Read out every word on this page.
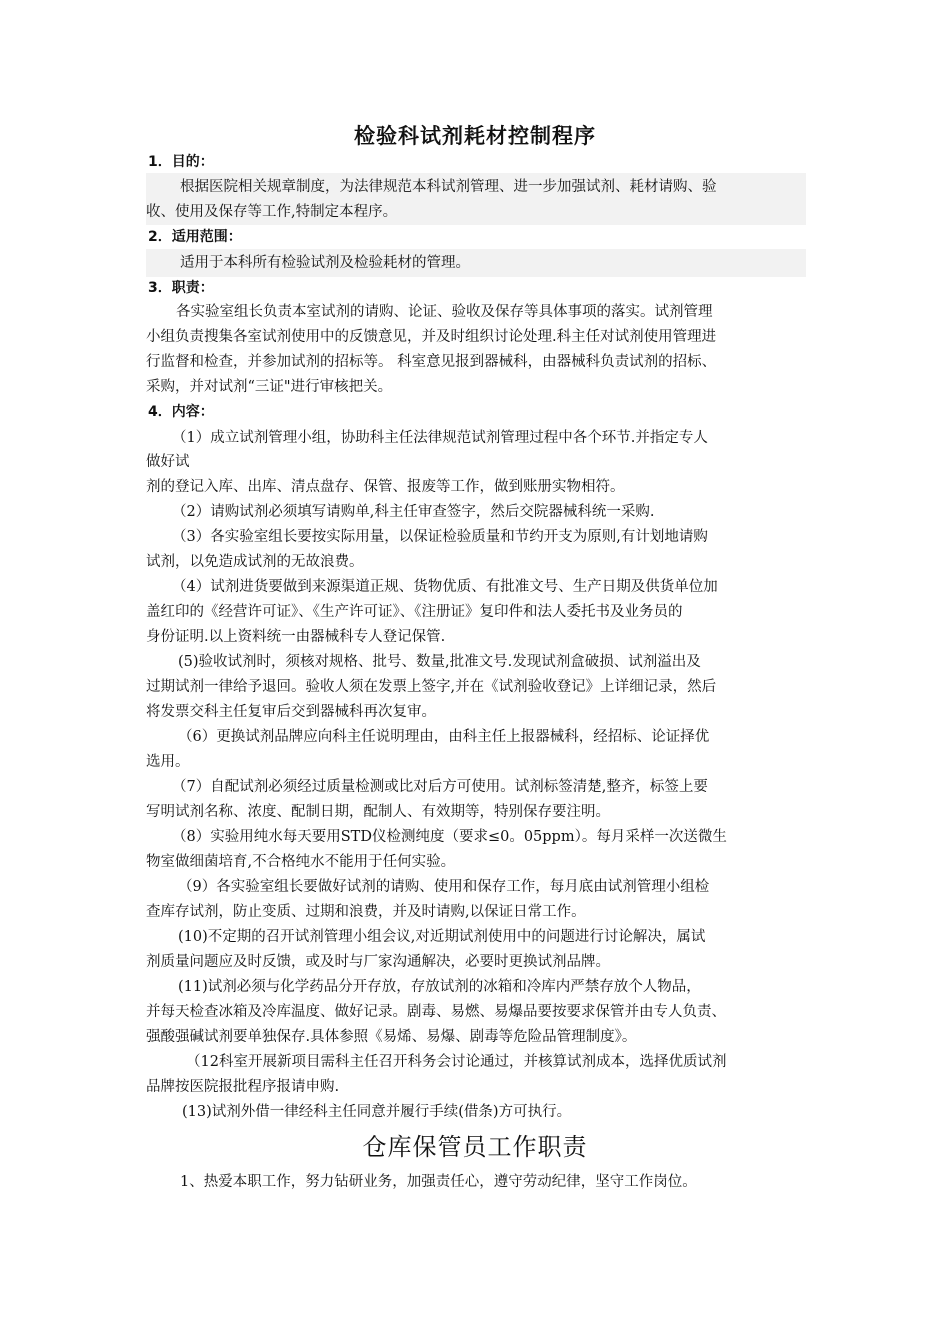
检验科试剂耗材控制程序
1．目的：
根据医院相关规章制度，为法律规范本科试剂管理、进一步加强试剂、耗材请购、验
收、使用及保存等工作,特制定本程序。
2．适用范围：
适用于本科所有检验试剂及检验耗材的管理。
3．职责：
各实验室组长负责本室试剂的请购、论证、验收及保存等具体事项的落实。试剂管理
小组负责搜集各室试剂使用中的反馈意见，并及时组织讨论处理.科主任对试剂使用管理进
行监督和检查，并参加试剂的招标等。 科室意见报到器械科，由器械科负责试剂的招标、
采购，并对试剂“三证"进行审核把关。
4．内容：
（1）成立试剂管理小组，协助科主任法律规范试剂管理过程中各个环节.并指定专人
做好试
剂的登记入库、出库、清点盘存、保管、报废等工作，做到账册实物相符。
（2）请购试剂必须填写请购单,科主任审查签字，然后交院器械科统一采购.
（3）各实验室组长要按实际用量，以保证检验质量和节约开支为原则,有计划地请购
试剂，以免造成试剂的无故浪费。
（4）试剂进货要做到来源渠道正规、货物优质、有批准文号、生产日期及供货单位加
盖红印的《经营许可证》、《生产许可证》、《注册证》复印件和法人委托书及业务员的
身份证明.以上资料统一由器械科专人登记保管.
(5)验收试剂时，须核对规格、批号、数量,批准文号.发现试剂盒破损、试剂溢出及
过期试剂一律给予退回。验收人须在发票上签字,并在《试剂验收登记》上详细记录，然后
将发票交科主任复审后交到器械科再次复审。
（6）更换试剂品牌应向科主任说明理由，由科主任上报器械科，经招标、论证择优
选用。
（7）自配试剂必须经过质量检测或比对后方可使用。试剂标签清楚,整齐，标签上要
写明试剂名称、浓度、配制日期，配制人、有效期等，特别保存要注明。
（8）实验用纯水每天要用STD仪检测纯度（要求≤0。05ppm）。每月采样一次送微生
物室做细菌培育,不合格纯水不能用于任何实验。
（9）各实验室组长要做好试剂的请购、使用和保存工作，每月底由试剂管理小组检
查库存试剂，防止变质、过期和浪费，并及时请购,以保证日常工作。
(10)不定期的召开试剂管理小组会议,对近期试剂使用中的问题进行讨论解决，属试
剂质量问题应及时反馈，或及时与厂家沟通解决，必要时更换试剂品牌。
(11)试剂必须与化学药品分开存放，存放试剂的冰箱和冷库内严禁存放个人物品，
并每天检查冰箱及冷库温度、做好记录。剧毒、易燃、易爆品要按要求保管并由专人负责、
强酸强碱试剂要单独保存.具体参照《易烯、易爆、剧毒等危险品管理制度》。
（12科室开展新项目需科主任召开科务会讨论通过，并核算试剂成本，选择优质试剂
品牌按医院报批程序报请申购.
(13)试剂外借一律经科主任同意并履行手续(借条)方可执行。
仓库保管员工作职责
1、热爱本职工作，努力钻研业务，加强责任心，遵守劳动纪律，坚守工作岗位。
